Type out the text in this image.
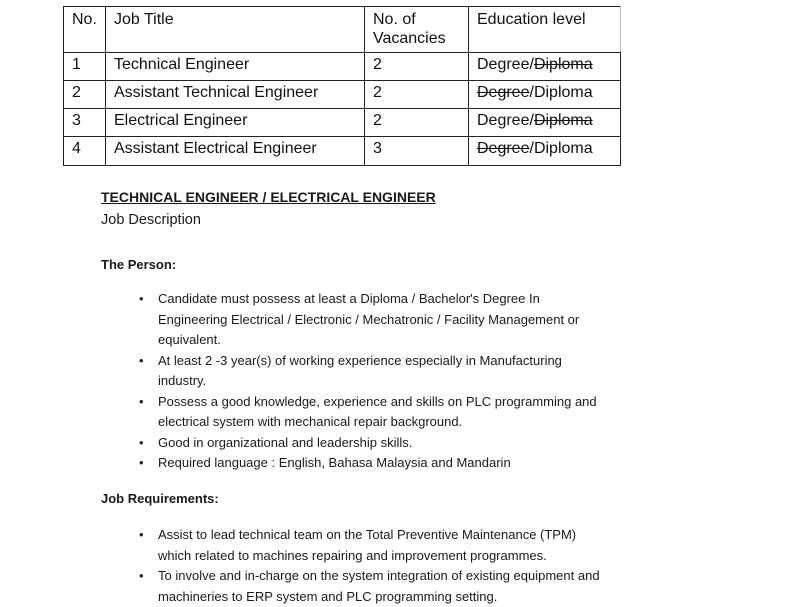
No.	Job Title	No. of Vacancies	Education level
1	Technical Engineer	2	Degree/Diploma
2	Assistant Technical Engineer	2	Degree/Diploma
3	Electrical Engineer	2	Degree/Diploma
4	Assistant Electrical Engineer	3	Degree/Diploma
TECHNICAL ENGINEER / ELECTRICAL ENGINEER

Job Description

The Person:
• Candidate must possess at least a Diploma / Bachelor's Degree In Engineering Electrical / Electronic / Mechatronic / Facility Management or equivalent.
• At least 2 -3 year(s) of working experience especially in Manufacturing industry.
• Possess a good knowledge, experience and skills on PLC programming and electrical system with mechanical repair background.
• Good in organizational and leadership skills.
• Required language : English, Bahasa Malaysia and Mandarin
Job Requirements:
• Assist to lead technical team on the Total Preventive Maintenance (TPM) which related to machines repairing and improvement programmes.
• To involve and in-charge on the system integration of existing equipment and machineries to ERP system and PLC programming setting.
